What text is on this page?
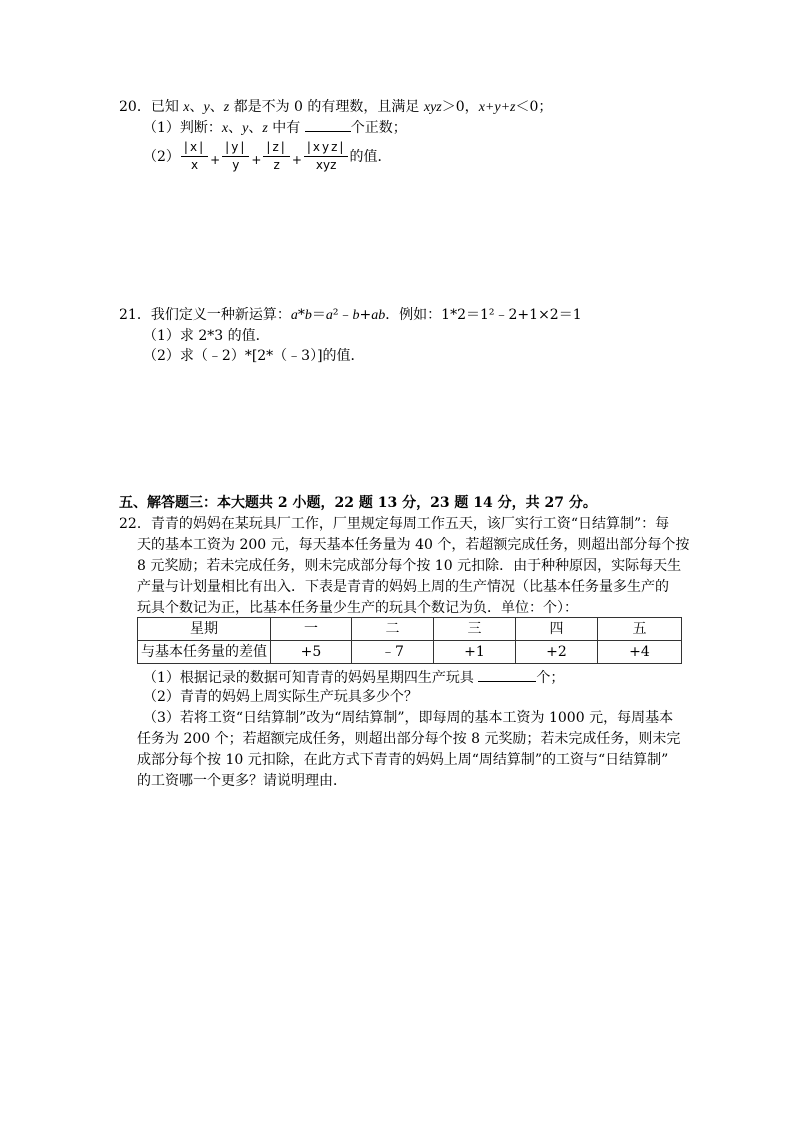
20．已知 x 、 y 、 z 都是不为 0 的有理数，且满足 xyz ＞0， x+y+z ＜0；
（1）判断： x 、 y 、 z 中有	个正数；
$(2) \frac{|x|}{x} + \frac{|y|}{y} + \frac{|z|}{z} + \frac{\text{|xyz|}}{\text{xyz}}$ 的值．
21．我们定义一种新运算： a * b ＝ a ²﹣ b + ab ．例如：1*2＝1²﹣2+1×2＝1
（1）求 2*3 的值．
（2）求（﹣2）*[2*（﹣3）]的值．
五、解答题三：本大题共 2 小题，22 题 13 分，23 题 14 分，共 27 分。
22．青青的妈妈在某玩具厂工作，厂里规定每周工作五天，该厂实行工资“日结算制”：每
天的基本工资为 200 元，每天基本任务量为 40 个，若超额完成任务，则超出部分每个按
8 元奖励；若未完成任务，则未完成部分每个按 10 元扣除．由于种种原因，实际每天生
产量与计划量相比有出入．下表是青青的妈妈上周的生产情况（比基本任务量多生产的
玩具个数记为正，比基本任务量少生产的玩具个数记为负．单位：个）：
星期	一	二	三	四	五
与基本任务量的差值	+5	﹣7	+1	+2	+4
（1）根据记录的数据可知青青的妈妈星期四生产玩具	个；
（2）青青的妈妈上周实际生产玩具多少个？
（3）若将工资“日结算制”改为“周结算制”，即每周的基本工资为 1000 元，每周基本
任务为 200 个；若超额完成任务，则超出部分每个按 8 元奖励；若未完成任务，则未完
成部分每个按 10 元扣除，在此方式下青青的妈妈上周“周结算制”的工资与“日结算制”
的工资哪一个更多？请说明理由．
